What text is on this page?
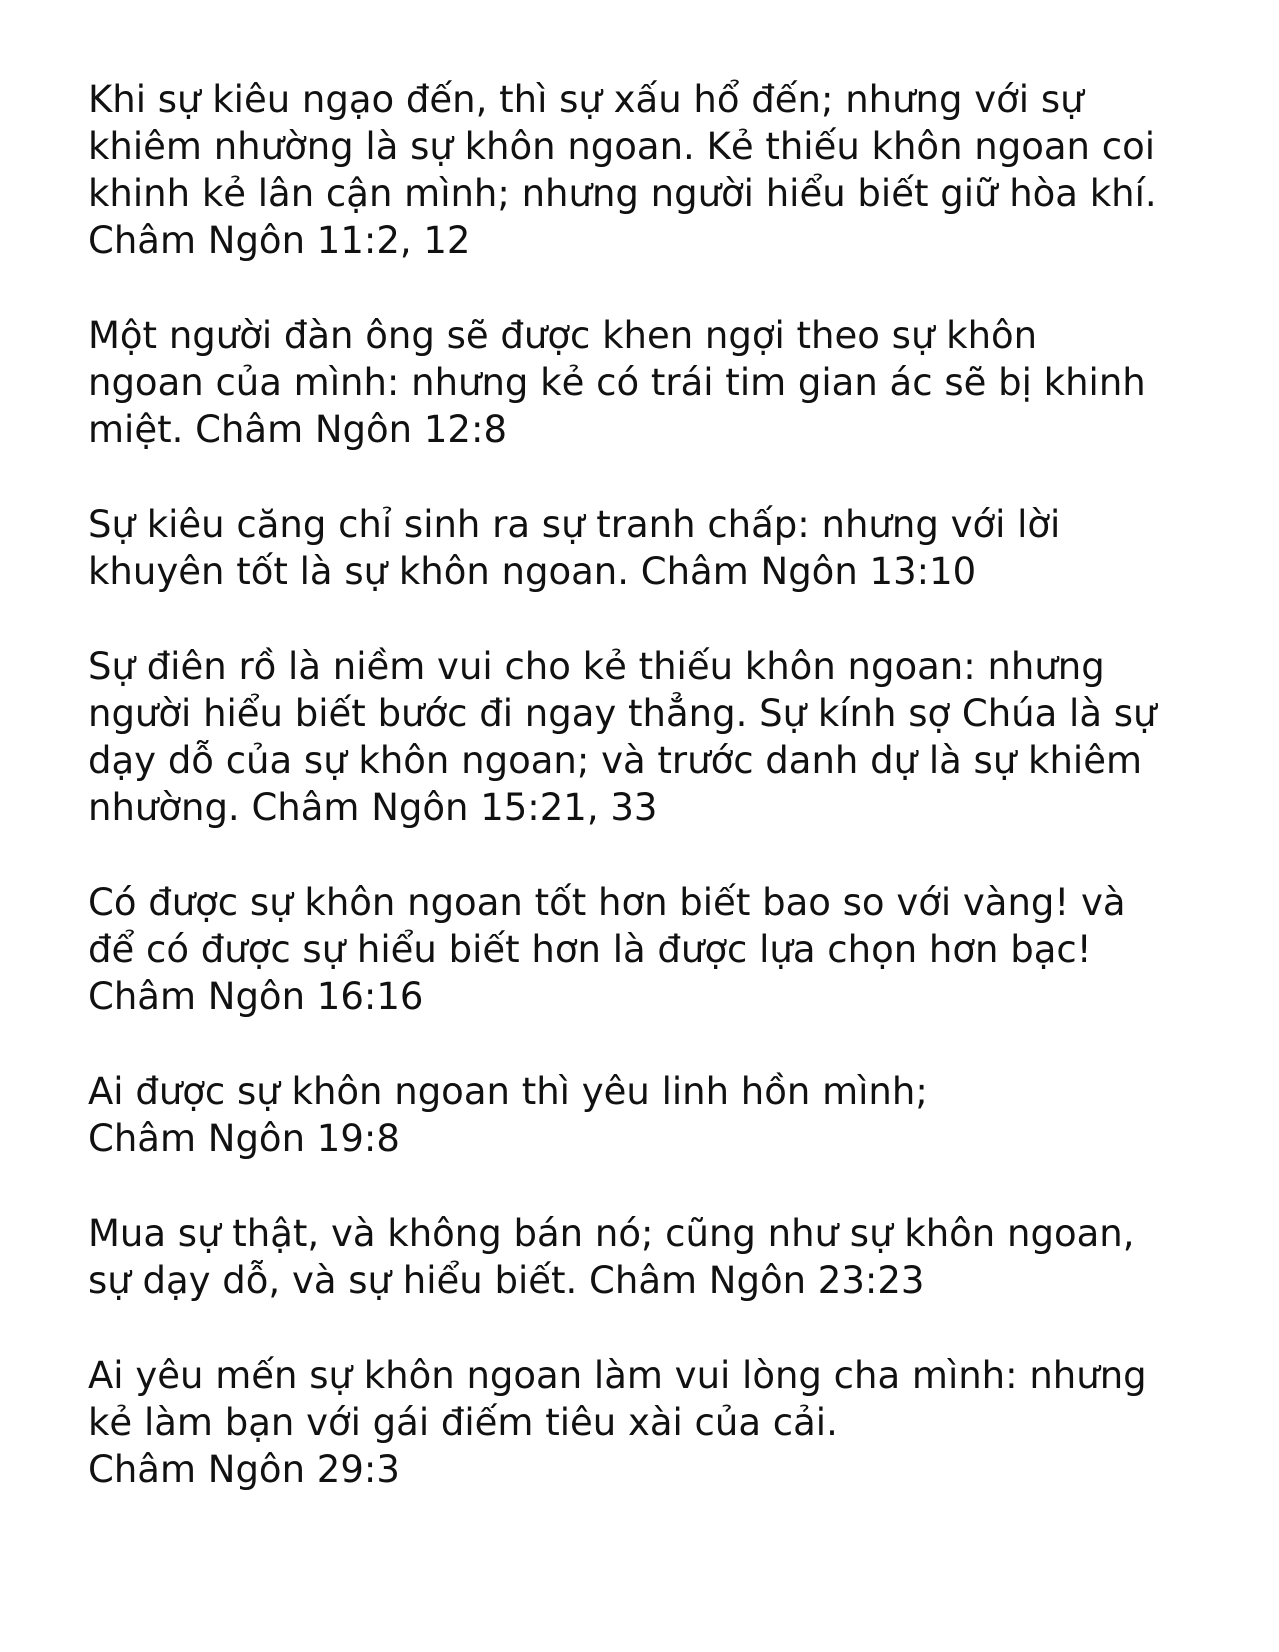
Khi sự kiêu ngạo đến, thì sự xấu hổ đến; nhưng với sự
khiêm nhường là sự khôn ngoan. Kẻ thiếu khôn ngoan coi
khinh kẻ lân cận mình; nhưng người hiểu biết giữ hòa khí.
Châm Ngôn 11:2, 12

Một người đàn ông sẽ được khen ngợi theo sự khôn
ngoan của mình: nhưng kẻ có trái tim gian ác sẽ bị khinh
miệt. Châm Ngôn 12:8

Sự kiêu căng chỉ sinh ra sự tranh chấp: nhưng với lời
khuyên tốt là sự khôn ngoan. Châm Ngôn 13:10

Sự điên rồ là niềm vui cho kẻ thiếu khôn ngoan: nhưng
người hiểu biết bước đi ngay thẳng. Sự kính sợ Chúa là sự
dạy dỗ của sự khôn ngoan; và trước danh dự là sự khiêm
nhường. Châm Ngôn 15:21, 33

Có được sự khôn ngoan tốt hơn biết bao so với vàng! và
để có được sự hiểu biết hơn là được lựa chọn hơn bạc!
Châm Ngôn 16:16

Ai được sự khôn ngoan thì yêu linh hồn mình;
Châm Ngôn 19:8

Mua sự thật, và không bán nó; cũng như sự khôn ngoan,
sự dạy dỗ, và sự hiểu biết. Châm Ngôn 23:23

Ai yêu mến sự khôn ngoan làm vui lòng cha mình: nhưng
kẻ làm bạn với gái điếm tiêu xài của cải.
Châm Ngôn 29:3
